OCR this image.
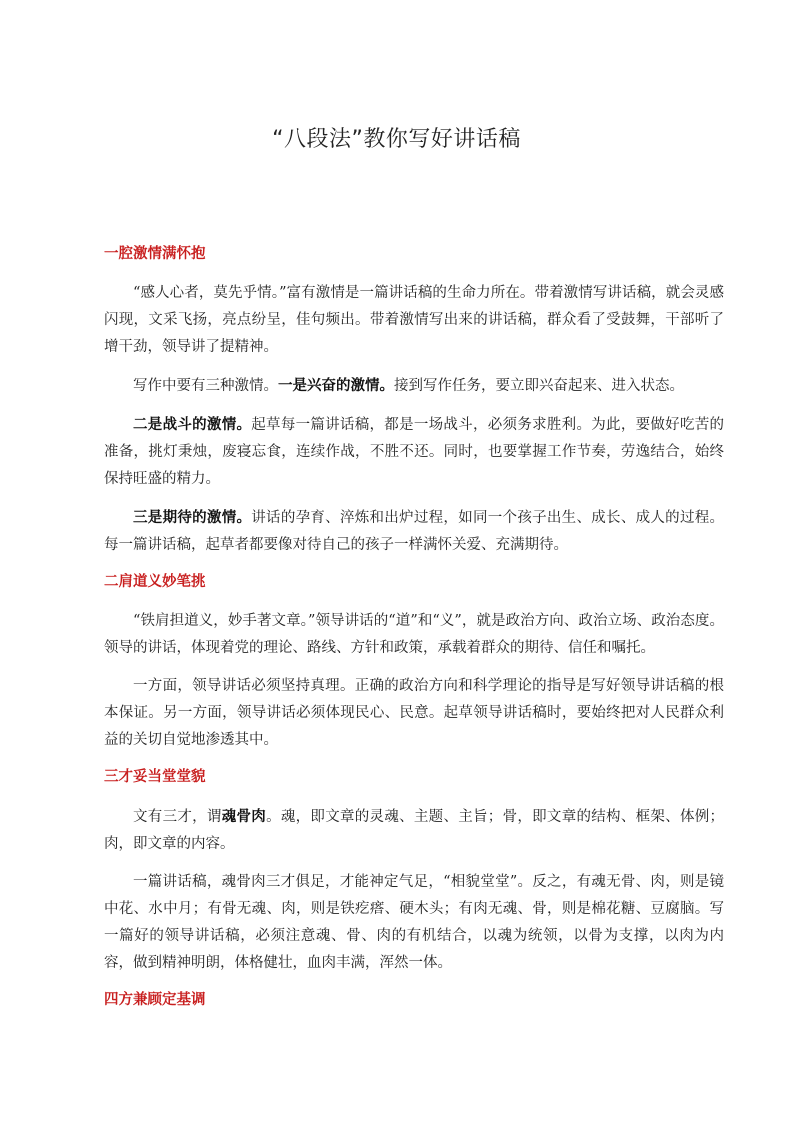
“八段法”教你写好讲话稿
一腔激情满怀抱

“感人心者，莫先乎情。”富有激情是一篇讲话稿的生命力所在。带着激情写讲话稿，就会灵感闪现，文采飞扬，亮点纷呈，佳句频出。带着激情写出来的讲话稿，群众看了受鼓舞，干部听了增干劲，领导讲了提精神。

写作中要有三种激情。一是兴奋的激情。接到写作任务，要立即兴奋起来、进入状态。

二是战斗的激情。起草每一篇讲话稿，都是一场战斗，必须务求胜利。为此，要做好吃苦的准备，挑灯秉烛，废寝忘食，连续作战，不胜不还。同时，也要掌握工作节奏，劳逸结合，始终保持旺盛的精力。

三是期待的激情。讲话的孕育、淬炼和出炉过程，如同一个孩子出生、成长、成人的过程。每一篇讲话稿，起草者都要像对待自己的孩子一样满怀关爱、充满期待。

二肩道义妙笔挑

“铁肩担道义，妙手著文章。”领导讲话的“道”和“义”，就是政治方向、政治立场、政治态度。领导的讲话，体现着党的理论、路线、方针和政策，承载着群众的期待、信任和嘱托。

一方面，领导讲话必须坚持真理。正确的政治方向和科学理论的指导是写好领导讲话稿的根本保证。另一方面，领导讲话必须体现民心、民意。起草领导讲话稿时，要始终把对人民群众利益的关切自觉地渗透其中。

三才妥当堂堂貌

文有三才，谓魂骨肉。魂，即文章的灵魂、主题、主旨；骨，即文章的结构、框架、体例；肉，即文章的内容。

一篇讲话稿，魂骨肉三才俱足，才能神定气足，“相貌堂堂”。反之，有魂无骨、肉，则是镜中花、水中月；有骨无魂、肉，则是铁疙瘩、硬木头；有肉无魂、骨，则是棉花糖、豆腐脑。写一篇好的领导讲话稿，必须注意魂、骨、肉的有机结合，以魂为统领，以骨为支撑，以肉为内容，做到精神明朗，体格健壮，血肉丰满，浑然一体。

四方兼顾定基调
